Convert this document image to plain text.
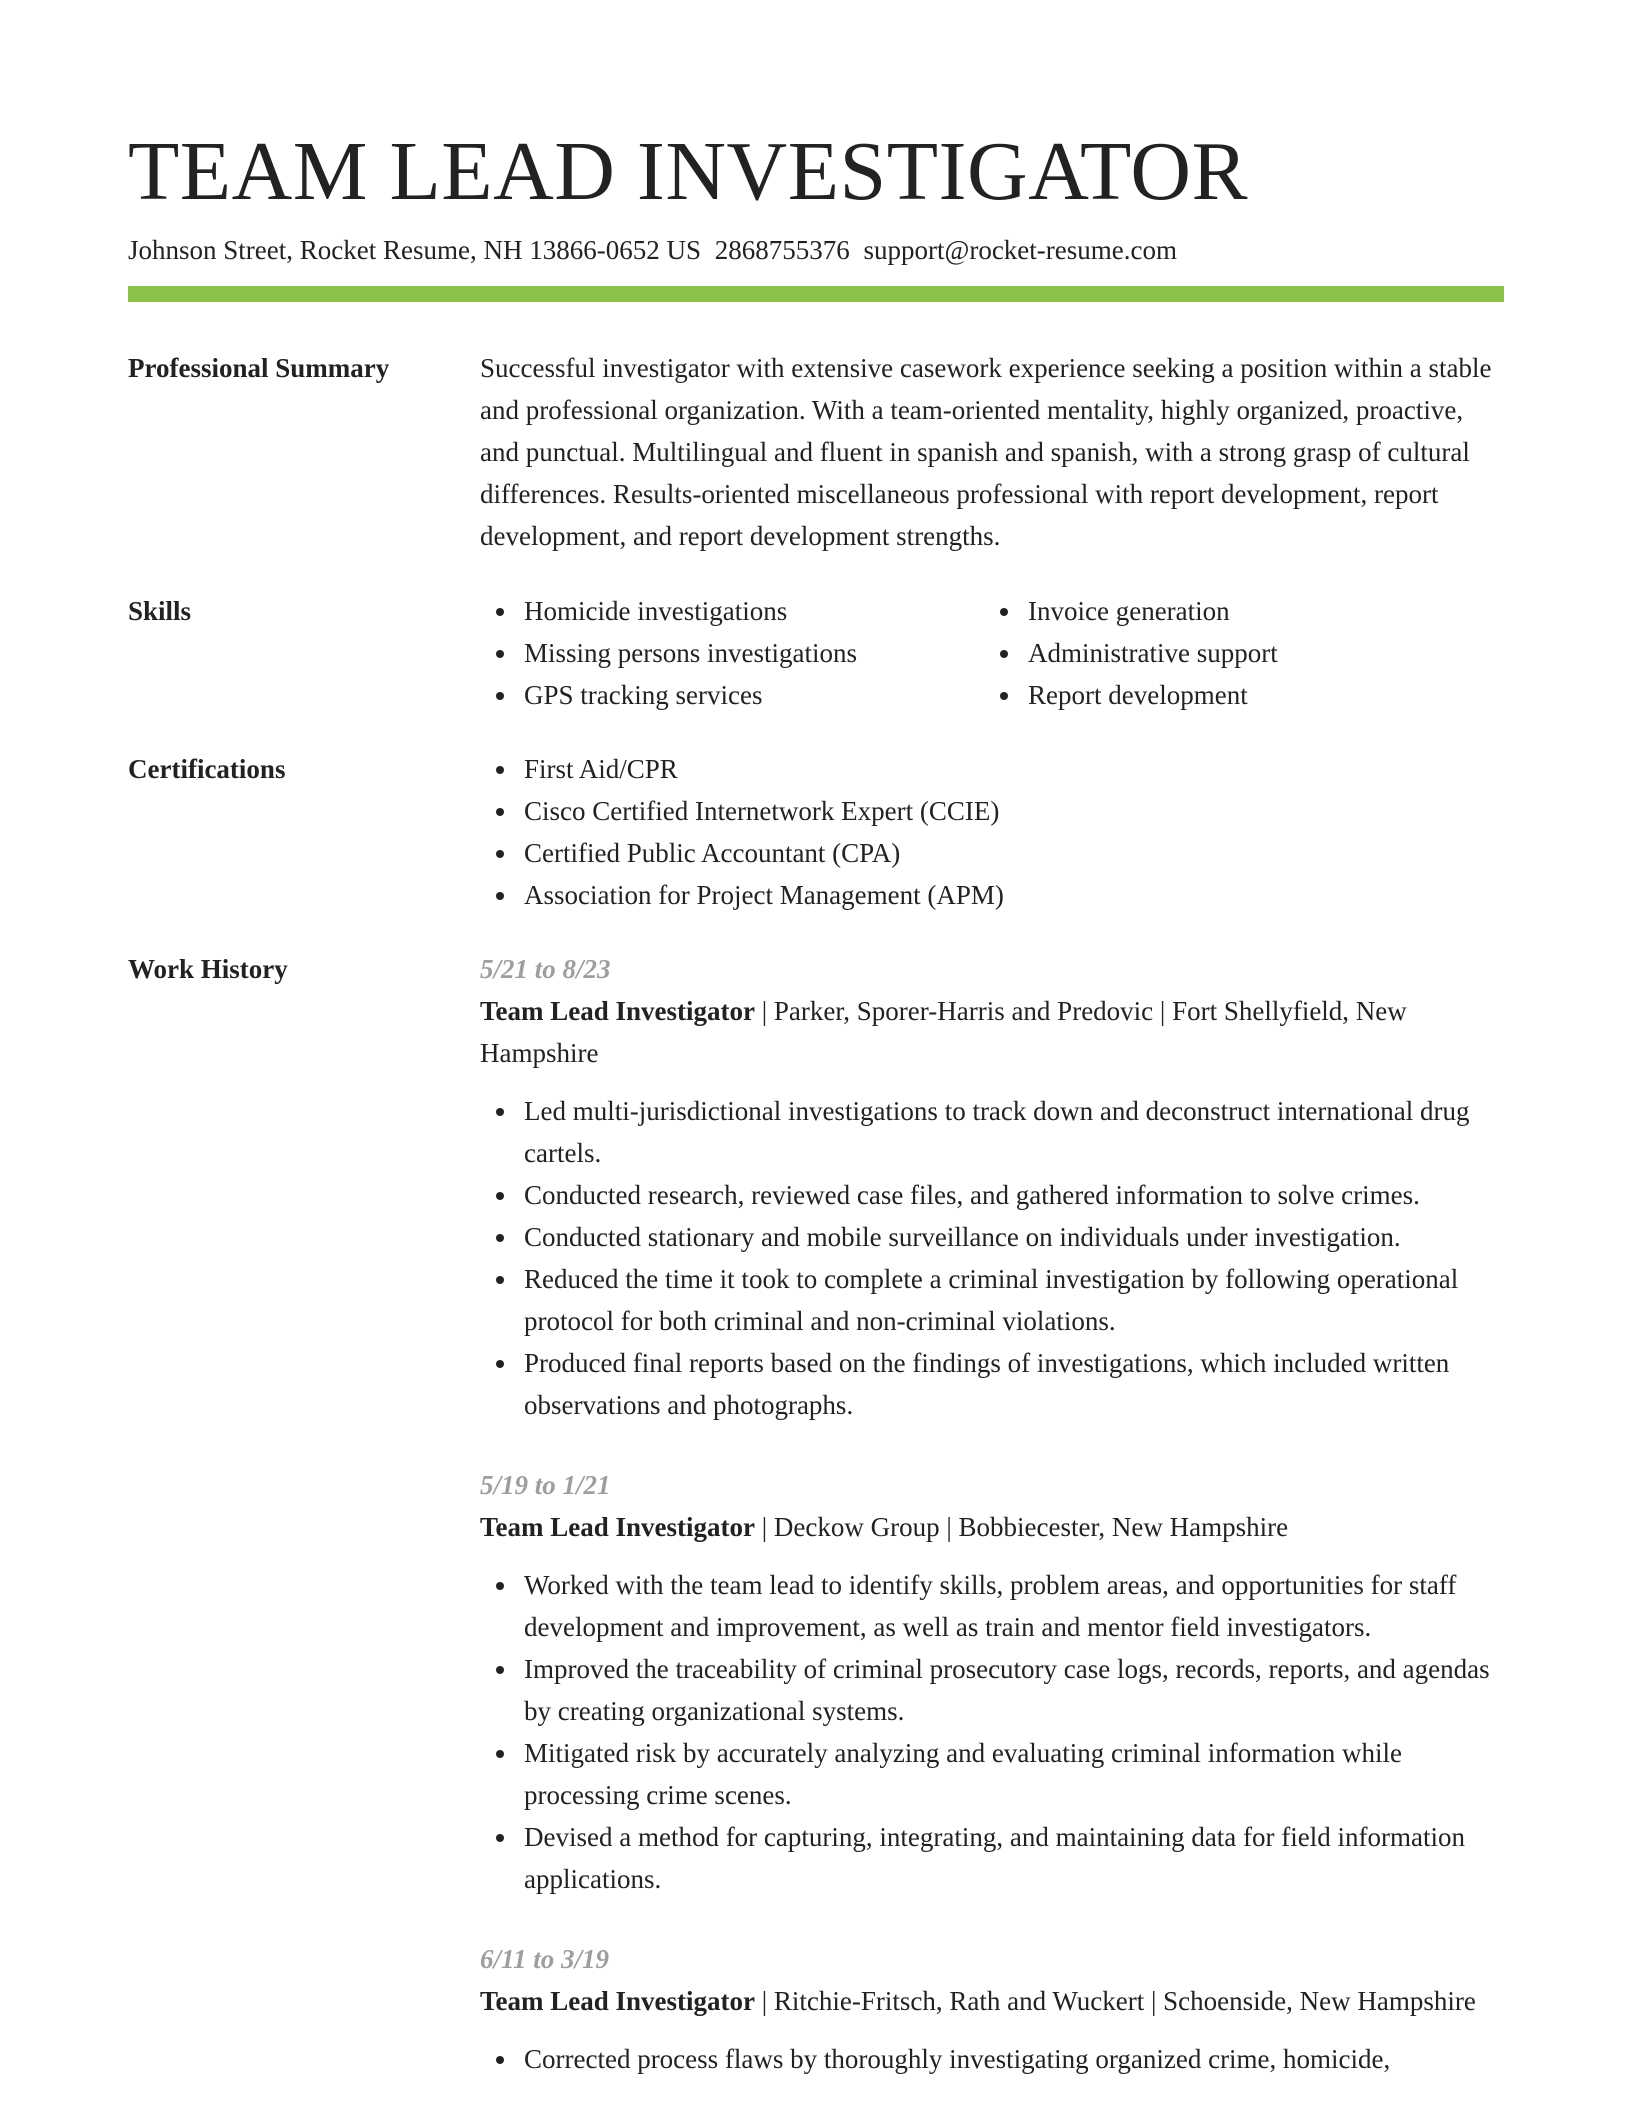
TEAM LEAD INVESTIGATOR
Johnson Street, Rocket Resume, NH 13866-0652 US 2868755376 support@rocket-resume.com
Professional Summary	Successful investigator with extensive casework experience seeking a position within a stable and professional organization. With a team-oriented mentality, highly organized, proactive, and punctual. Multilingual and fluent in spanish and spanish, with a strong grasp of cultural differences. Results-oriented miscellaneous professional with report development, report development, and report development strengths.

Skills	Homicide investigations
Missing persons investigations
GPS tracking services
Invoice generation
Administrative support
Report development
Certifications	First Aid/CPR
Cisco Certified Internetwork Expert (CCIE)
Certified Public Accountant (CPA)
Association for Project Management (APM)
Work History	5/21 to 8/23
Team Lead Investigator | Parker, Sporer-Harris and Predovic | Fort Shellyfield, New Hampshire
Led multi-jurisdictional investigations to track down and deconstruct international drug cartels.
Conducted research, reviewed case files, and gathered information to solve crimes.
Conducted stationary and mobile surveillance on individuals under investigation.
Reduced the time it took to complete a criminal investigation by following operational protocol for both criminal and non-criminal violations.
Produced final reports based on the findings of investigations, which included written observations and photographs.
5/19 to 1/21
Team Lead Investigator | Deckow Group | Bobbiecester, New Hampshire
Worked with the team lead to identify skills, problem areas, and opportunities for staff development and improvement, as well as train and mentor field investigators.
Improved the traceability of criminal prosecutory case logs, records, reports, and agendas by creating organizational systems.
Mitigated risk by accurately analyzing and evaluating criminal information while processing crime scenes.
Devised a method for capturing, integrating, and maintaining data for field information applications.
6/11 to 3/19
Team Lead Investigator | Ritchie-Fritsch, Rath and Wuckert | Schoenside, New Hampshire
Corrected process flaws by thoroughly investigating organized crime, homicide,
